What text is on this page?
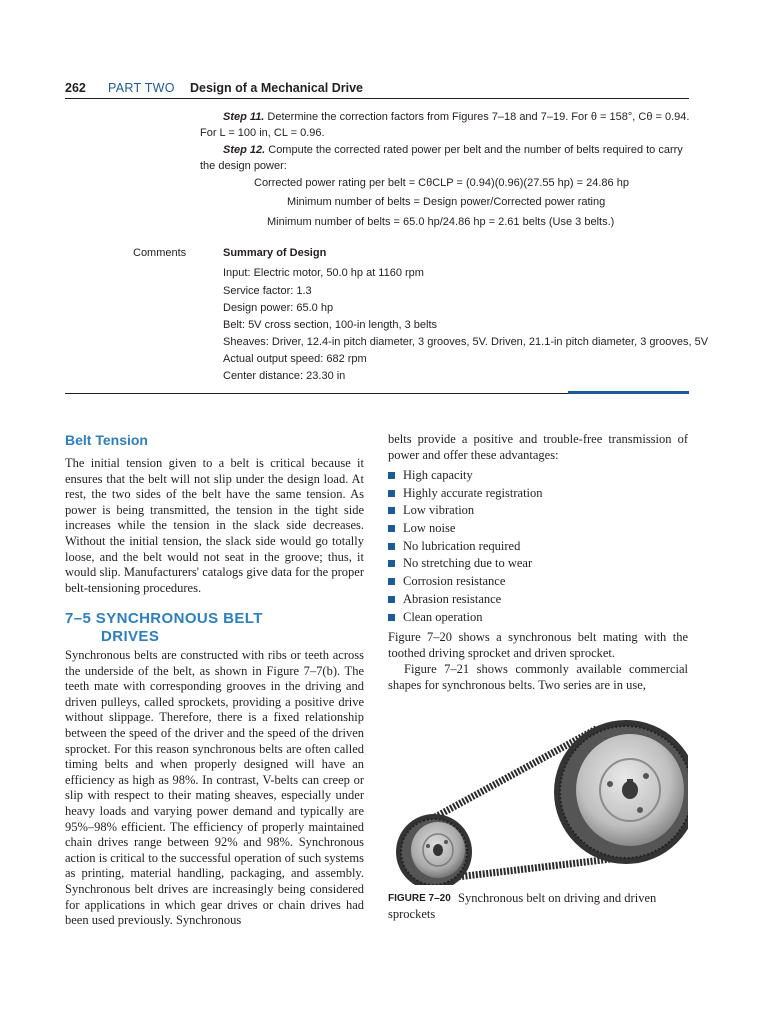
262 PART TWO Design of a Mechanical Drive
Step 11. Determine the correction factors from Figures 7–18 and 7–19. For θ = 158°, Cθ = 0.94.
For L = 100 in, CL = 0.96.
Step 12. Compute the corrected rated power per belt and the number of belts required to carry the design power:
Corrected power rating per belt = CθCLP = (0.94)(0.96)(27.55 hp) = 24.86 hp
Minimum number of belts = Design power/Corrected power rating
Minimum number of belts = 65.0 hp/24.86 hp = 2.61 belts (Use 3 belts.)
Comments	Summary of Design
Input: Electric motor, 50.0 hp at 1160 rpm
Service factor: 1.3
Design power: 65.0 hp
Belt: 5V cross section, 100-in length, 3 belts
Sheaves: Driver, 12.4-in pitch diameter, 3 grooves, 5V. Driven, 21.1-in pitch diameter, 3 grooves, 5V
Actual output speed: 682 rpm
Center distance: 23.30 in
Belt Tension
The initial tension given to a belt is critical because it ensures that the belt will not slip under the design load. At rest, the two sides of the belt have the same tension. As power is being transmitted, the tension in the tight side increases while the tension in the slack side decreases. Without the initial tension, the slack side would go totally loose, and the belt would not seat in the groove; thus, it would slip. Manufacturers' catalogs give data for the proper belt-tensioning procedures.
7–5 SYNCHRONOUS BELT
DRIVES
Synchronous belts are constructed with ribs or teeth across the underside of the belt, as shown in Figure 7–7(b). The teeth mate with corresponding grooves in the driving and driven pulleys, called sprockets, providing a positive drive without slippage. Therefore, there is a fixed relationship between the speed of the driver and the speed of the driven sprocket. For this reason synchronous belts are often called timing belts and when properly designed will have an efficiency as high as 98%. In contrast, V-belts can creep or slip with respect to their mating sheaves, especially under heavy loads and varying power demand and typically are 95%–98% efficient. The efficiency of properly maintained chain drives range between 92% and 98%. Synchronous action is critical to the successful operation of such systems as printing, material handling, packaging, and assembly. Synchronous belt drives are increasingly being considered for applications in which gear drives or chain drives had been used previously. Synchronous
belts provide a positive and trouble-free transmission of power and offer these advantages:
High capacity
Highly accurate registration
Low vibration
Low noise
No lubrication required
No stretching due to wear
Corrosion resistance
Abrasion resistance
Clean operation
Figure 7–20 shows a synchronous belt mating with the toothed driving sprocket and driven sprocket.
Figure 7–21 shows commonly available commercial shapes for synchronous belts. Two series are in use,
FIGURE 7–20 Synchronous belt on driving and driven sprockets
